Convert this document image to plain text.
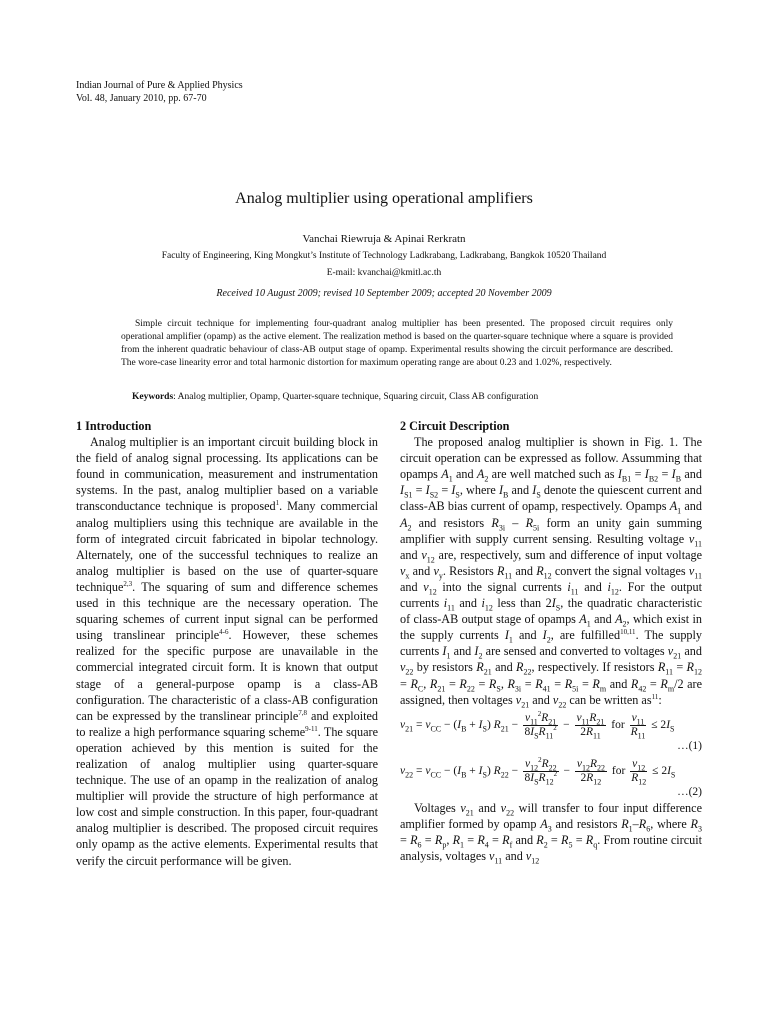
Indian Journal of Pure & Applied Physics
Vol. 48, January 2010, pp. 67-70
Analog multiplier using operational amplifiers
Vanchai Riewruja & Apinai Rerkratn
Faculty of Engineering, King Mongkut’s Institute of Technology Ladkrabang, Ladkrabang, Bangkok 10520 Thailand
E-mail: kvanchai@kmitl.ac.th
Received 10 August 2009; revised 10 September 2009; accepted 20 November 2009
Simple circuit technique for implementing four-quadrant analog multiplier has been presented. The proposed circuit requires only operational amplifier (opamp) as the active element. The realization method is based on the quarter-square technique where a square is provided from the inherent quadratic behaviour of class-AB output stage of opamp. Experimental results showing the circuit performance are described. The wore-case linearity error and total harmonic distortion for maximum operating range are about 0.23 and 1.02%, respectively.
Keywords: Analog multiplier, Opamp, Quarter-square technique, Squaring circuit, Class AB configuration
1 Introduction

Analog multiplier is an important circuit building block in the field of analog signal processing. Its applications can be found in communication, measurement and instrumentation systems. In the past, analog multiplier based on a variable transconductance technique is proposed$^1$. Many commercial analog multipliers using this technique are available in the form of integrated circuit fabricated in bipolar technology. Alternately, one of the successful techniques to realize an analog multiplier is based on the use of quarter-square technique$^{2,3}$. The squaring of sum and difference schemes used in this technique are the necessary operation. The squaring schemes of current input signal can be performed using translinear principle$^{4-6}$. However, these schemes realized for the specific purpose are unavailable in the commercial integrated circuit form. It is known that output stage of a general-purpose opamp is a class-AB configuration. The characteristic of a class-AB configuration can be expressed by the translinear principle$^{7,8}$ and exploited to realize a high performance squaring scheme$^{9-11}$. The square operation achieved by this mention is suited for the realization of analog multiplier using quarter-square technique. The use of an opamp in the realization of analog multiplier will provide the structure of high performance at low cost and simple construction. In this paper, four-quadrant analog multiplier is described. The proposed circuit requires only opamp as the active elements. Experimental results that verify the circuit performance will be given.

2 Circuit Description

The proposed analog multiplier is shown in Fig. 1. The circuit operation can be expressed as follow. Assumming that opamps $A_1$ and $A_2$ are well matched such as $I_{B1} = I_{B2} = I_B$ and $I_{S1} = I_{S2} = I_S$, where $I_B$ and $I_S$ denote the quiescent current and class-AB bias current of opamp, respectively. Opamps $A_1$ and $A_2$ and resistors $R_{3i} - R_{5i}$ form an unity gain summing amplifier with supply current sensing. Resulting voltage $v_{11}$ and $v_{12}$ are, respectively, sum and difference of input voltage $v_x$ and $v_y$. Resistors $R_{11}$ and $R_{12}$ convert the signal voltages $v_{11}$ and $v_{12}$ into the signal currents $i_{11}$ and $i_{12}$. For the output currents $i_{11}$ and $i_{12}$ less than $2I_S$, the quadratic characteristic of class-AB output stage of opamps $A_1$ and $A_2$, which exist in the supply currents $I_1$ and $I_2$, are fulfilled$^{10,11}$. The supply currents $I_1$ and $I_2$ are sensed and converted to voltages $v_{21}$ and $v_{22}$ by resistors $R_{21}$ and $R_{22}$, respectively. If resistors $R_{11} = R_{12} = R_C$, $R_{21} = R_{22} = R_S$, $R_{3i} = R_{41} = R_{5i} = R_m$ and $R_{42} = R_m/2$ are assigned, then voltages $v_{21}$ and $v_{22}$ can be written $as^{11}$:

$v_{21} = v_{CC} - (I_B + I_S) R_{21} - \frac{v_{11}^2R_{21}}{8I_SR_{11}^2} - \frac{v_{11}R_{21}}{2R_{11}}$ for $\frac{v_{11}}{R_{11}} \le 2I_S$
…(1)
$v_{22} = v_{CC} - (I_B + I_S) R_{22} - \frac{v_{12}^2R_{22}}{8I_SR_{12}^2} - \frac{v_{12}R_{22}}{2R_{12}}$ for $\frac{v_{12}}{R_{12}} \le 2I_S$
…(2)

Voltages $v_{21}$ and $v_{22}$ will transfer to four input difference amplifier formed by opamp $A_3$ and resistors $R_1-R_6$, where $R_3 = R_6 = R_p$, $R_1 = R_4 = R_f$ and $R_2 = R_5 = R_q$. From routine circuit analysis, voltages $v_{11}$ and $v_{12}$
